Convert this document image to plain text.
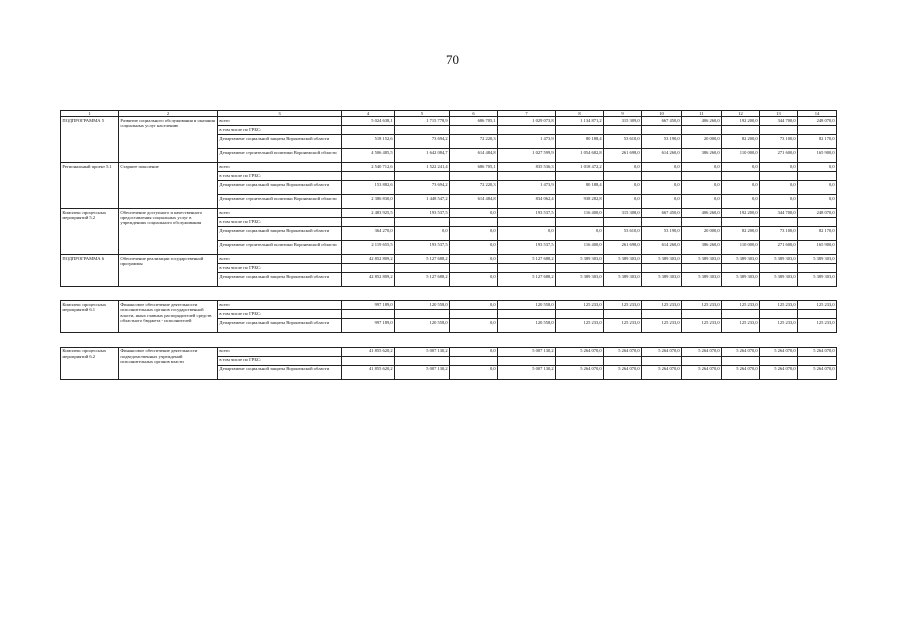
70
1	2	3	4	5	6	7	8	9	10	11	12	13	14
ПОДПРОГРАММА 5	Развитие социального обслуживания и оказания социальных услуг населению	всего	5 024 638,1	1 715 778,9	686 705,1	1 029 073,8	1 134 871,2	315 309,0	667 450,0	406 260,0	192 200,0	344 700,0	248 070,0
		в том числе по ГРБС:											
		Департамент социальной защиты Воронежской области	518 152,6	73 694,2	72 220,3	1 473,9	80 188,4	53 610,0	53 190,0	20 000,0	82 200,0	73 100,0	82 170,0
		Департамент строительной политики Воронежской области	4 506 485,5	1 642 084,7	614 484,8	1 027 599,9	1 054 682,8	261 698,0	614 260,0	386 260,0	110 000,0	271 600,0	165 900,0
Региональный проект 5.1	Старшее поколение	всего	2 540 712,6	1 522 241,4	686 705,1	835 536,3	1 018 472,2	0,0	0,0	0,0	0,0	0,0	0,0
		в том числе по ГРБС:											
		Департамент социальной защиты Воронежской области	153 882,6	73 694,2	72 220,3	1 473,9	80 188,4	0,0	0,0	0,0	0,0	0,0	0,0
		Департамент строительной политики Воронежской области	2 386 830,0	1 448 547,2	614 484,8	834 062,4	938 282,8	0,0	0,0	0,0	0,0	0,0	0,0
Комплекс процессных мероприятий 5.2	Обеспечение доступного и качественного предоставления социальных услуг в учреждениях социального обслуживания	всего	2 483 925,5	193 537,5	0,0	193 537,5	116 400,0	315 308,0	667 450,0	406 260,0	192 200,0	344 700,0	248 070,0
		в том числе по ГРБС:											
		Департамент социальной защиты Воронежской области	364 270,0	0,0	0,0	0,0	0,0	53 610,0	53 190,0	20 000,0	82 200,0	73 100,0	82 170,0
		Департамент строительной политики Воронежской области	2 119 655,5	193 537,5	0,0	193 537,5	116 400,0	261 698,0	614 260,0	386 260,0	110 000,0	271 600,0	165 900,0
ПОДПРОГРАММА 6	Обеспечение реализации государственной программы	всего	42 852 809,2	5 127 688,2	0,0	5 127 688,2	5 389 303,0	5 389 303,0	5 389 303,0	5 389 303,0	5 389 303,0	5 389 303,0	5 389 303,0
		в том числе по ГРБС:											
		Департамент социальной защиты Воронежской области	42 852 809,2	5 127 688,2	0,0	5 127 688,2	5 389 303,0	5 389 303,0	5 389 303,0	5 389 303,0	5 389 303,0	5 389 303,0	5 389 303,0

Комплекс процессных мероприятий 6.1	Финансовое обеспечение деятельности исполнительных органов государственной власти, иных главных распорядителей средств областного бюджета - исполнителей	всего	997 189,0	120 558,0	0,0	120 558,0	125 233,0	125 233,0	125 233,0	125 233,0	125 233,0	125 233,0	125 233,0
		в том числе по ГРБС:											
		Департамент социальной защиты Воронежской области	997 189,0	120 558,0	0,0	120 558,0	125 233,0	125 233,0	125 233,0	125 233,0	125 233,0	125 233,0	125 233,0

Комплекс процессных мероприятий 6.2	Финансовое обеспечение деятельности подведомственных учреждений исполнительных органов власти	всего	41 855 620,2	5 007 130,2	0,0	5 007 130,2	5 264 070,0	5 264 070,0	5 264 070,0	5 264 070,0	5 264 070,0	5 264 070,0	5 264 070,0
		в том числе по ГРБС:											
		Департамент социальной защиты Воронежской области	41 855 620,2	5 007 130,2	0,0	5 007 130,2	5 264 070,0	5 264 070,0	5 264 070,0	5 264 070,0	5 264 070,0	5 264 070,0	5 264 070,0
